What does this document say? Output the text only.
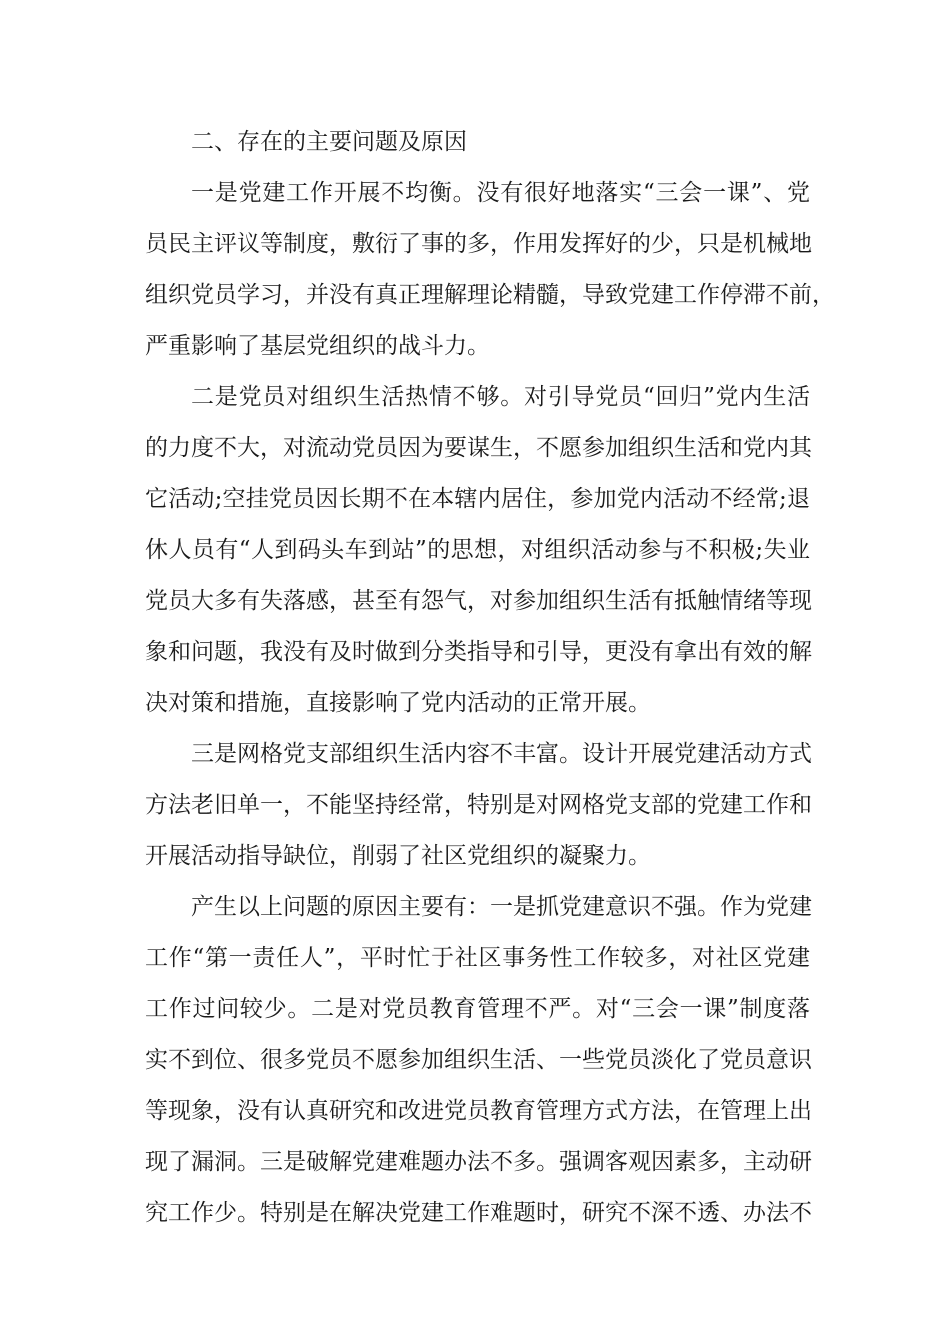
二、存在的主要问题及原因

一是党建工作开展不均衡。没有很好地落实“三会一课”、党
员民主评议等制度，敷衍了事的多，作用发挥好的少，只是机械地
组织党员学习，并没有真正理解理论精髓，导致党建工作停滞不前，
严重影响了基层党组织的战斗力。

二是党员对组织生活热情不够。对引导党员“回归”党内生活
的力度不大，对流动党员因为要谋生，不愿参加组织生活和党内其
它活动;空挂党员因长期不在本辖内居住，参加党内活动不经常;退
休人员有“人到码头车到站”的思想，对组织活动参与不积极;失业
党员大多有失落感，甚至有怨气，对参加组织生活有抵触情绪等现
象和问题，我没有及时做到分类指导和引导，更没有拿出有效的解
决对策和措施，直接影响了党内活动的正常开展。

三是网格党支部组织生活内容不丰富。设计开展党建活动方式
方法老旧单一，不能坚持经常，特别是对网格党支部的党建工作和
开展活动指导缺位，削弱了社区党组织的凝聚力。

产生以上问题的原因主要有：一是抓党建意识不强。作为党建
工作“第一责任人”，平时忙于社区事务性工作较多，对社区党建
工作过问较少。二是对党员教育管理不严。对“三会一课”制度落
实不到位、很多党员不愿参加组织生活、一些党员淡化了党员意识
等现象，没有认真研究和改进党员教育管理方式方法，在管理上出
现了漏洞。三是破解党建难题办法不多。强调客观因素多，主动研
究工作少。特别是在解决党建工作难题时，研究不深不透、办法不
